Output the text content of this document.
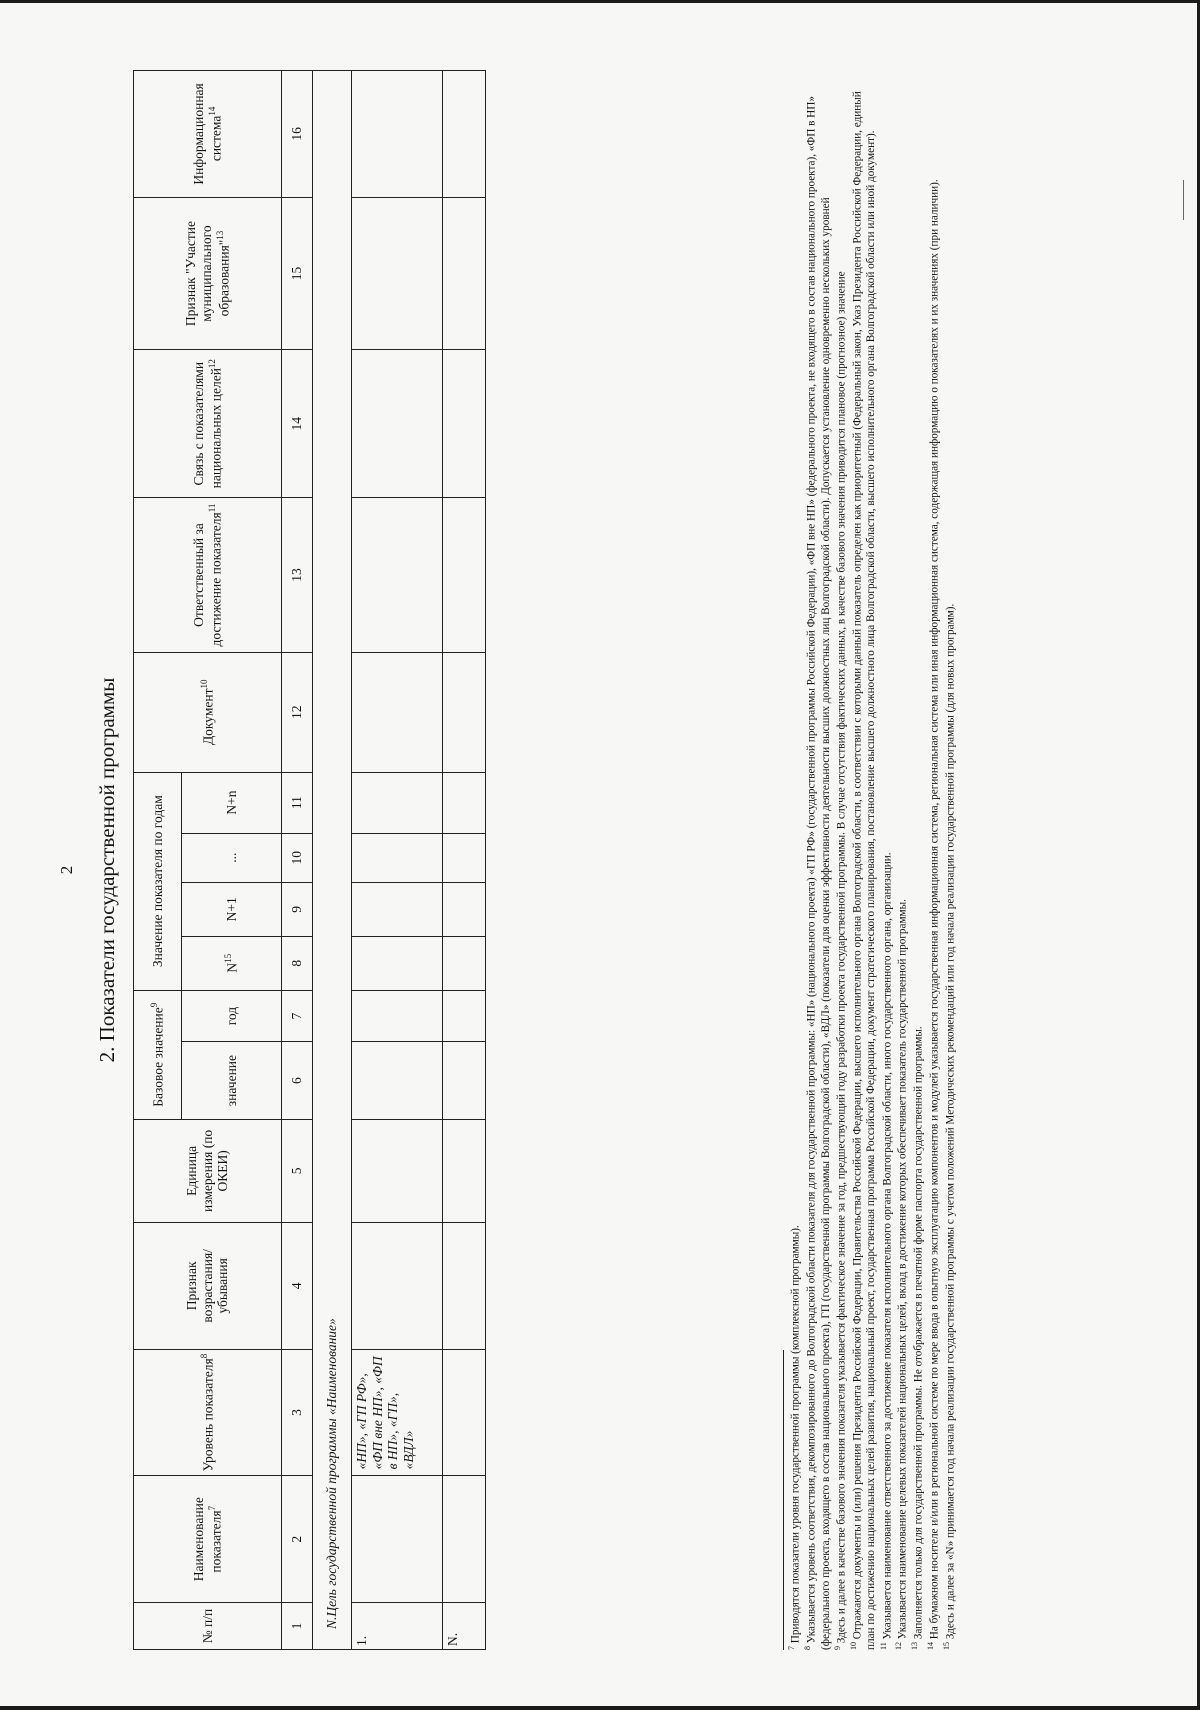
2 2. Показатели государственной программы
№ п/п	Наименование показателя$^7$	Уровень показателя$^8$	Признак возрастания/ убывания	Единица измерения (по ОКЕИ)	Базовое значение$^9$		Значение показателя по годам				Документ$^{10}$	Ответственный за достижение показателя$^{11}$	Связь с показателями национальных целей$^{12}$	Признак "Участие муниципального образования"$^{13}$	Информационная система$^{14}$
					значение	год	$N^{15}$	N+1	...	N+n					
1	2	3	4	5	6	7	8	9	10	11	12	13	14	15	16
N.Цель государственной программы «Наименование»															
1.		«НП», «ГП РФ», «ФП вне НП», «ФП в НП», «ГП», «ВДЛ»													
N.															

$^7$ Приводятся показатели уровня государственной программы (комплексной программы).

$^8$ Указывается уровень соответствия, декомпозированного до Волгоградской области показателя для государственной программы: «НП» (национального проекта) «ГП РФ» (государственной программы Российской Федерации), «ФП вне НП» (федерального проекта, не входящего в состав национального проекта), «ФП в НП» (федерального проекта, входящего в состав национального проекта), ГП (государственной программы Волгоградской области), «ВДЛ» (показатели для оценки эффективности деятельности высших должностных лиц Волгоградской области). Допускается установление одновременно нескольких уровней $^9$ Здесь и далее в качестве базового значения показателя указывается фактическое значение за год, предшествующий году разработки проекта государственной программы. В случае отсутствия фактических данных, в качестве базового значения приводится плановое (прогнозное) значение

$^{10}$ Отражаются документы и (или) решения Президента Российской Федерации, Правительства Российской Федерации, высшего исполнительного органа Волгоградской области, в соответствии с которыми данный показатель определен как приоритетный (Федеральный закон, Указ Президента Российской Федерации, единый план по достижению национальных целей развития, национальный проект, государственная программа Российской Федерации, документ стратегического планирования, постановление высшего должностного лица Волгоградской области, высшего исполнительного органа Волгоградской области или иной документ). $^{11}$ Указывается наименование ответственного за достижение показателя исполнительного органа Волгоградской области, иного государственного органа, организации.

$^{12}$ Указывается наименование целевых показателей национальных целей, вклад в достижение которых обеспечивает показатель государственной программы.

$^{13}$ Заполняется только для государственной программы. Не отображается в печатной форме паспорта государственной программы.

$^{14}$ На бумажном носителе и/или в региональной системе по мере ввода в опытную эксплуатацию компонентов и модулей указывается государственная информационная система, региональная система или иная информационная система, содержащая информацию о показателях и их значениях (при наличии).

$^{15}$ Здесь и далее за «N» принимается год начала реализации государственной программы с учетом положений Методических рекомендаций или год начала реализации государственной программы (для новых программ).
